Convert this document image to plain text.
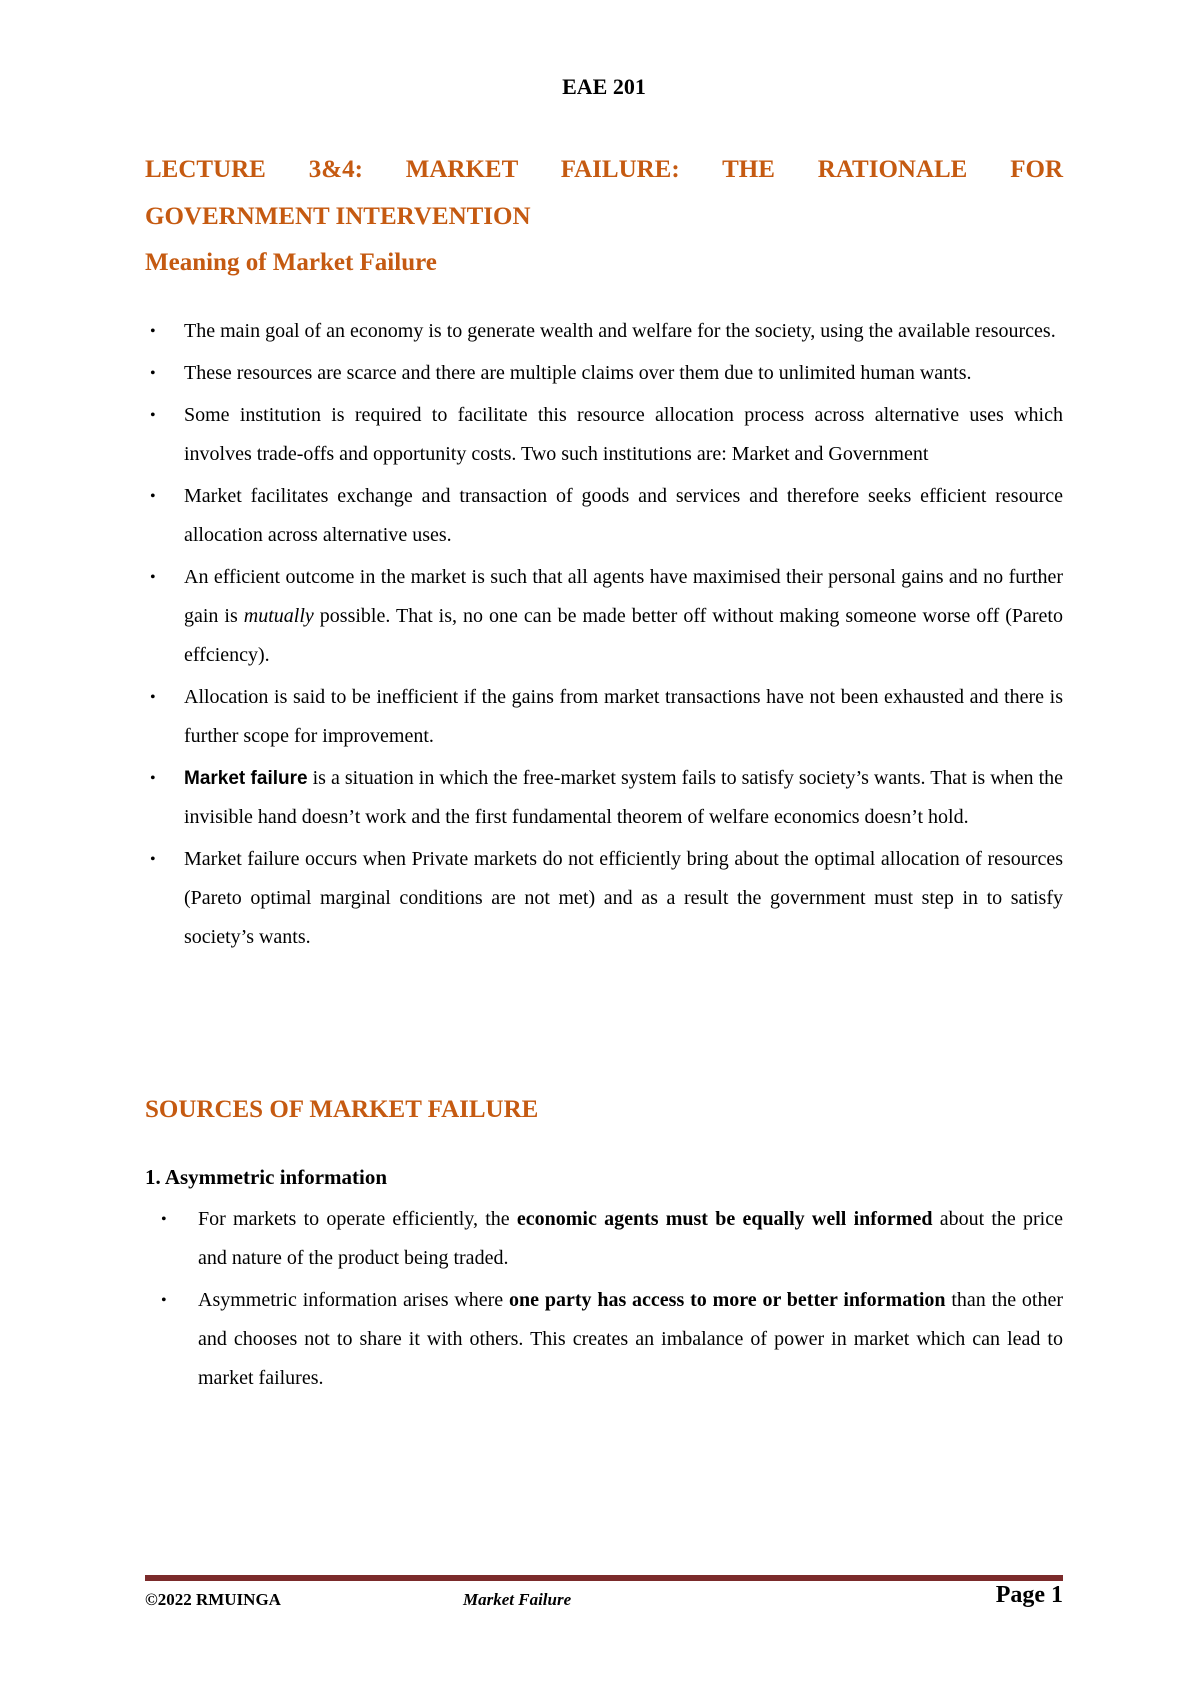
EAE 201
LECTURE 3&4: MARKET FAILURE: THE RATIONALE FOR
GOVERNMENT INTERVENTION
Meaning of Market Failure
• The main goal of an economy is to generate wealth and welfare for the society, using the available resources.
• These resources are scarce and there are multiple claims over them due to unlimited human wants.
• Some institution is required to facilitate this resource allocation process across alternative uses which involves trade-offs and opportunity costs. Two such institutions are: Market and Government
• Market facilitates exchange and transaction of goods and services and therefore seeks efficient resource allocation across alternative uses.
• An efficient outcome in the market is such that all agents have maximised their personal gains and no further gain is mutually possible. That is, no one can be made better off without making someone worse off (Pareto effciency).
• Allocation is said to be inefficient if the gains from market transactions have not been exhausted and there is further scope for improvement.
• Market failure is a situation in which the free-market system fails to satisfy society’s wants. That is when the invisible hand doesn’t work and the first fundamental theorem of welfare economics doesn’t hold.
• Market failure occurs when Private markets do not efficiently bring about the optimal allocation of resources (Pareto optimal marginal conditions are not met) and as a result the government must step in to satisfy society’s wants.
SOURCES OF MARKET FAILURE
1. Asymmetric information
• For markets to operate efficiently, the economic agents must be equally well informed about the price and nature of the product being traded.
• Asymmetric information arises where one party has access to more or better information than the other and chooses not to share it with others. This creates an imbalance of power in market which can lead to market failures.
©2022 RMUINGA	Market Failure	Page 1
